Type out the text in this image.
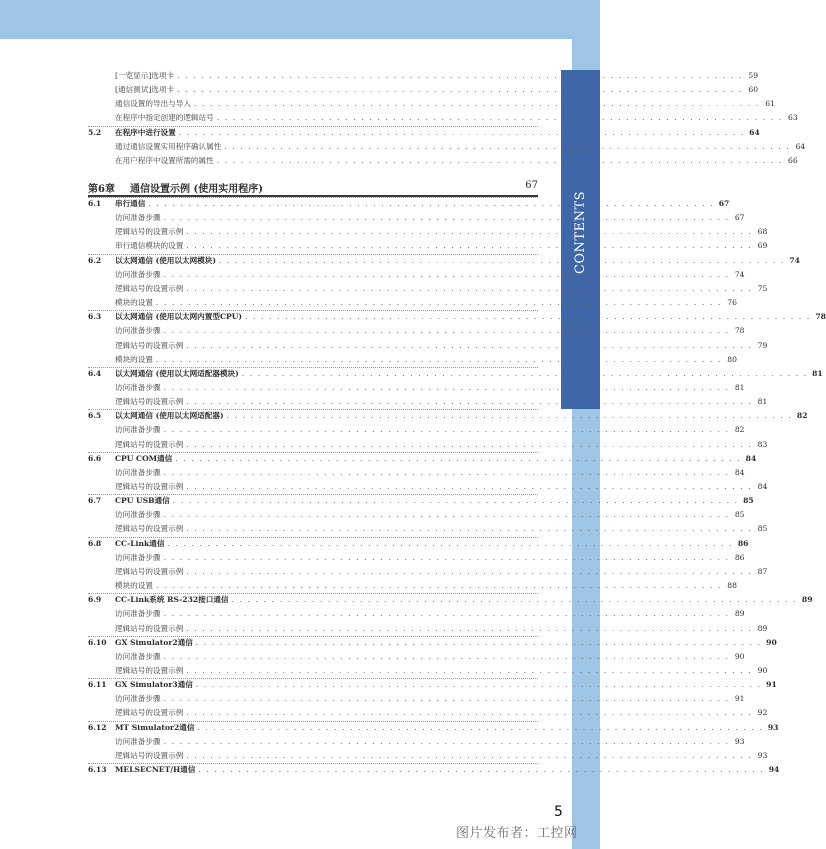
CONTENTS
第6章	通信设置示例 (使用实用程序)	67
[一览显示]选项卡 . . . . . . . . . . . . . . . . . . . . . . . . . . . . . . . . . . . . . . . . . . . . . . . . . . . . . . . . . . . . . . . . . . . . . . . 59
[通信测试]选项卡 . . . . . . . . . . . . . . . . . . . . . . . . . . . . . . . . . . . . . . . . . . . . . . . . . . . . . . . . . . . . . . . . . . . . . . . 60
通信设置的导出与导入 . . . . . . . . . . . . . . . . . . . . . . . . . . . . . . . . . . . . . . . . . . . . . . . . . . . . . . . . . . . . . . . . . . . . . . . 61
在程序中指定创建的逻辑站号 . . . . . . . . . . . . . . . . . . . . . . . . . . . . . . . . . . . . . . . . . . . . . . . . . . . . . . . . . . . . . . . . . . . . . . . 63
5.2	在程序中进行设置 . . . . . . . . . . . . . . . . . . . . . . . . . . . . . . . . . . . . . . . . . . . . . . . . . . . . . . . . . . . . . . . . . . . . . . . 64
通过通信设置实用程序确认属性 . . . . . . . . . . . . . . . . . . . . . . . . . . . . . . . . . . . . . . . . . . . . . . . . . . . . . . . . . . . . . . . . . . . . . . . 64
在用户程序中设置所需的属性 . . . . . . . . . . . . . . . . . . . . . . . . . . . . . . . . . . . . . . . . . . . . . . . . . . . . . . . . . . . . . . . . . . . . . . . 66
6.1	串行通信 . . . . . . . . . . . . . . . . . . . . . . . . . . . . . . . . . . . . . . . . . . . . . . . . . . . . . . . . . . . . . . . . . . . . . . . 67
访问准备步骤 . . . . . . . . . . . . . . . . . . . . . . . . . . . . . . . . . . . . . . . . . . . . . . . . . . . . . . . . . . . . . . . . . . . . . . . 67
逻辑站号的设置示例 . . . . . . . . . . . . . . . . . . . . . . . . . . . . . . . . . . . . . . . . . . . . . . . . . . . . . . . . . . . . . . . . . . . . . . . 68
串行通信模块的设置 . . . . . . . . . . . . . . . . . . . . . . . . . . . . . . . . . . . . . . . . . . . . . . . . . . . . . . . . . . . . . . . . . . . . . . . 69
6.2	以太网通信 (使用以太网模块) . . . . . . . . . . . . . . . . . . . . . . . . . . . . . . . . . . . . . . . . . . . . . . . . . . . . . . . . . . . . . . . . . . . . . . . 74
访问准备步骤 . . . . . . . . . . . . . . . . . . . . . . . . . . . . . . . . . . . . . . . . . . . . . . . . . . . . . . . . . . . . . . . . . . . . . . . 74
逻辑站号的设置示例 . . . . . . . . . . . . . . . . . . . . . . . . . . . . . . . . . . . . . . . . . . . . . . . . . . . . . . . . . . . . . . . . . . . . . . . 75
模块的设置 . . . . . . . . . . . . . . . . . . . . . . . . . . . . . . . . . . . . . . . . . . . . . . . . . . . . . . . . . . . . . . . . . . . . . . . 76
6.3	以太网通信 (使用以太网内置型CPU) . . . . . . . . . . . . . . . . . . . . . . . . . . . . . . . . . . . . . . . . . . . . . . . . . . . . . . . . . . . . . . . . . . . . . . . 78
访问准备步骤 . . . . . . . . . . . . . . . . . . . . . . . . . . . . . . . . . . . . . . . . . . . . . . . . . . . . . . . . . . . . . . . . . . . . . . . 78
逻辑站号的设置示例 . . . . . . . . . . . . . . . . . . . . . . . . . . . . . . . . . . . . . . . . . . . . . . . . . . . . . . . . . . . . . . . . . . . . . . . 79
模块的设置 . . . . . . . . . . . . . . . . . . . . . . . . . . . . . . . . . . . . . . . . . . . . . . . . . . . . . . . . . . . . . . . . . . . . . . . 80
6.4	以太网通信 (使用以太网适配器模块) . . . . . . . . . . . . . . . . . . . . . . . . . . . . . . . . . . . . . . . . . . . . . . . . . . . . . . . . . . . . . . . . . . . . . . . 81
访问准备步骤 . . . . . . . . . . . . . . . . . . . . . . . . . . . . . . . . . . . . . . . . . . . . . . . . . . . . . . . . . . . . . . . . . . . . . . . 81
逻辑站号的设置示例 . . . . . . . . . . . . . . . . . . . . . . . . . . . . . . . . . . . . . . . . . . . . . . . . . . . . . . . . . . . . . . . . . . . . . . . 81
6.5	以太网通信 (使用以太网适配器) . . . . . . . . . . . . . . . . . . . . . . . . . . . . . . . . . . . . . . . . . . . . . . . . . . . . . . . . . . . . . . . . . . . . . . . 82
访问准备步骤 . . . . . . . . . . . . . . . . . . . . . . . . . . . . . . . . . . . . . . . . . . . . . . . . . . . . . . . . . . . . . . . . . . . . . . . 82
逻辑站号的设置示例 . . . . . . . . . . . . . . . . . . . . . . . . . . . . . . . . . . . . . . . . . . . . . . . . . . . . . . . . . . . . . . . . . . . . . . . 83
6.6	CPU COM通信 . . . . . . . . . . . . . . . . . . . . . . . . . . . . . . . . . . . . . . . . . . . . . . . . . . . . . . . . . . . . . . . . . . . . . . . 84
访问准备步骤 . . . . . . . . . . . . . . . . . . . . . . . . . . . . . . . . . . . . . . . . . . . . . . . . . . . . . . . . . . . . . . . . . . . . . . . 84
逻辑站号的设置示例 . . . . . . . . . . . . . . . . . . . . . . . . . . . . . . . . . . . . . . . . . . . . . . . . . . . . . . . . . . . . . . . . . . . . . . . 84
6.7	CPU USB通信 . . . . . . . . . . . . . . . . . . . . . . . . . . . . . . . . . . . . . . . . . . . . . . . . . . . . . . . . . . . . . . . . . . . . . . . 85
访问准备步骤 . . . . . . . . . . . . . . . . . . . . . . . . . . . . . . . . . . . . . . . . . . . . . . . . . . . . . . . . . . . . . . . . . . . . . . . 85
逻辑站号的设置示例 . . . . . . . . . . . . . . . . . . . . . . . . . . . . . . . . . . . . . . . . . . . . . . . . . . . . . . . . . . . . . . . . . . . . . . . 85
6.8	CC-Link通信 . . . . . . . . . . . . . . . . . . . . . . . . . . . . . . . . . . . . . . . . . . . . . . . . . . . . . . . . . . . . . . . . . . . . . . . 86
访问准备步骤 . . . . . . . . . . . . . . . . . . . . . . . . . . . . . . . . . . . . . . . . . . . . . . . . . . . . . . . . . . . . . . . . . . . . . . . 86
逻辑站号的设置示例 . . . . . . . . . . . . . . . . . . . . . . . . . . . . . . . . . . . . . . . . . . . . . . . . . . . . . . . . . . . . . . . . . . . . . . . 87
模块的设置 . . . . . . . . . . . . . . . . . . . . . . . . . . . . . . . . . . . . . . . . . . . . . . . . . . . . . . . . . . . . . . . . . . . . . . . 88
6.9	CC-Link系统 RS-232接口通信 . . . . . . . . . . . . . . . . . . . . . . . . . . . . . . . . . . . . . . . . . . . . . . . . . . . . . . . . . . . . . . . . . . . . . . . 89
访问准备步骤 . . . . . . . . . . . . . . . . . . . . . . . . . . . . . . . . . . . . . . . . . . . . . . . . . . . . . . . . . . . . . . . . . . . . . . . 89
逻辑站号的设置示例 . . . . . . . . . . . . . . . . . . . . . . . . . . . . . . . . . . . . . . . . . . . . . . . . . . . . . . . . . . . . . . . . . . . . . . . 89
6.10	GX Simulator2通信 . . . . . . . . . . . . . . . . . . . . . . . . . . . . . . . . . . . . . . . . . . . . . . . . . . . . . . . . . . . . . . . . . . . . . . . 90
访问准备步骤 . . . . . . . . . . . . . . . . . . . . . . . . . . . . . . . . . . . . . . . . . . . . . . . . . . . . . . . . . . . . . . . . . . . . . . . 90
逻辑站号的设置示例 . . . . . . . . . . . . . . . . . . . . . . . . . . . . . . . . . . . . . . . . . . . . . . . . . . . . . . . . . . . . . . . . . . . . . . . 90
6.11	GX Simulator3通信 . . . . . . . . . . . . . . . . . . . . . . . . . . . . . . . . . . . . . . . . . . . . . . . . . . . . . . . . . . . . . . . . . . . . . . . 91
访问准备步骤 . . . . . . . . . . . . . . . . . . . . . . . . . . . . . . . . . . . . . . . . . . . . . . . . . . . . . . . . . . . . . . . . . . . . . . . 91
逻辑站号的设置示例 . . . . . . . . . . . . . . . . . . . . . . . . . . . . . . . . . . . . . . . . . . . . . . . . . . . . . . . . . . . . . . . . . . . . . . . 92
6.12	MT Simulator2通信 . . . . . . . . . . . . . . . . . . . . . . . . . . . . . . . . . . . . . . . . . . . . . . . . . . . . . . . . . . . . . . . . . . . . . . . 93
访问准备步骤 . . . . . . . . . . . . . . . . . . . . . . . . . . . . . . . . . . . . . . . . . . . . . . . . . . . . . . . . . . . . . . . . . . . . . . . 93
逻辑站号的设置示例 . . . . . . . . . . . . . . . . . . . . . . . . . . . . . . . . . . . . . . . . . . . . . . . . . . . . . . . . . . . . . . . . . . . . . . . 93
6.13	MELSECNET/H通信 . . . . . . . . . . . . . . . . . . . . . . . . . . . . . . . . . . . . . . . . . . . . . . . . . . . . . . . . . . . . . . . . . . . . . . . 94
5
图片发布者：工控网
